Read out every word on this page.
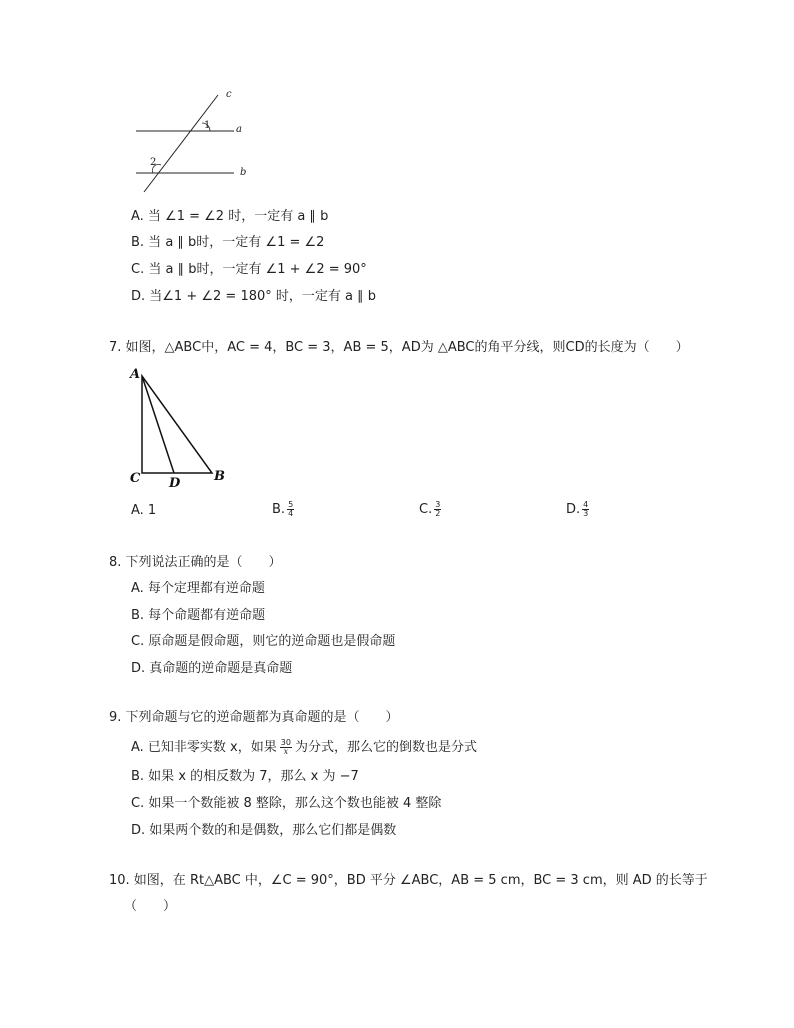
c
1	a
2
b
A. 当 ∠1 = ∠2 时，一定有 a ∥ b
B. 当 a ∥ b时，一定有 ∠1 = ∠2
C. 当 a ∥ b时，一定有 ∠1 + ∠2 = 90°
D. 当∠1 + ∠2 = 180° 时，一定有 a ∥ b
7. 如图，△ABC中，AC = 4，BC = 3，AB = 5，AD为 △ABC的角平分线，则CD的长度为（　　）
A
C D	B
A. 1	B. $\frac{5}{4}$	C. $\frac{3}{2}$	D. $\frac{4}{3}$
8. 下列说法正确的是（　　）
A. 每个定理都有逆命题
B. 每个命题都有逆命题
C. 原命题是假命题，则它的逆命题也是假命题
D. 真命题的逆命题是真命题
9. 下列命题与它的逆命题都为真命题的是（　　）
A. 已知非零实数 x，如果 $\frac{30}{x}$ 为分式，那么它的倒数也是分式
B. 如果 x 的相反数为 7，那么 x 为 −7
C. 如果一个数能被 8 整除，那么这个数也能被 4 整除
D. 如果两个数的和是偶数，那么它们都是偶数
10. 如图，在 Rt△ABC 中，∠C = 90°，BD 平分 ∠ABC，AB = 5 cm，BC = 3 cm，则 AD 的长等于
（　　）
